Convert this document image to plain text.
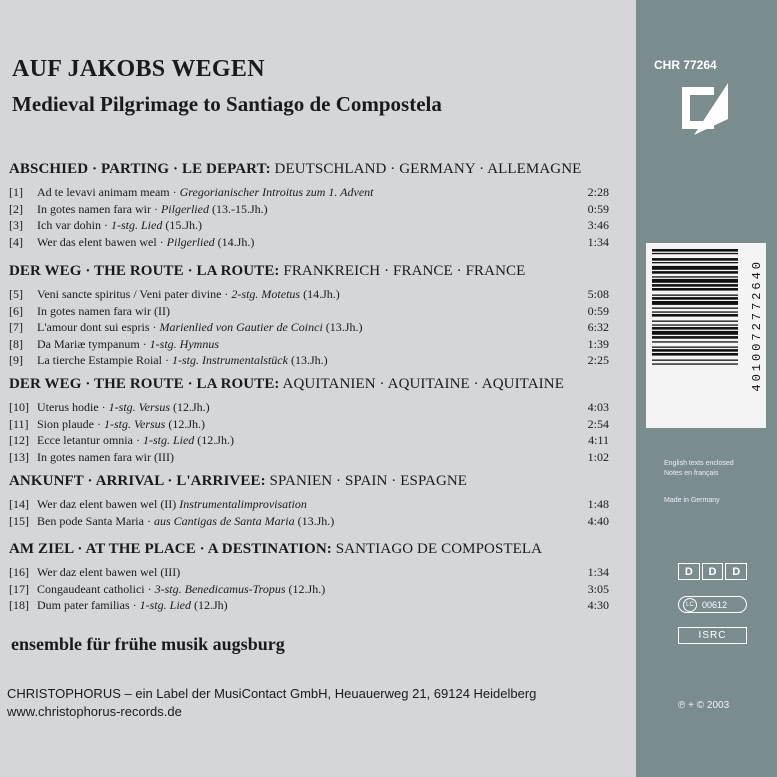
AUF JAKOBS WEGEN
Medieval Pilgrimage to Santiago de Compostela
ABSCHIED · PARTING · LE DEPART: DEUTSCHLAND · GERMANY · ALLEMAGNE
[1] Ad te levavi animam meam · Gregorianischer Introitus zum 1. Advent	2:28
[2] In gotes namen fara wir · Pilgerlied (13.-15.Jh.)	0:59
[3] Ich var dohin · 1-stg. Lied (15.Jh.)	3:46
[4] Wer das elent bawen wel · Pilgerlied (14.Jh.)	1:34
DER WEG · THE ROUTE · LA ROUTE: FRANKREICH · FRANCE · FRANCE
[5] Veni sancte spiritus / Veni pater divine · 2-stg. Motetus (14.Jh.)	5:08
[6] In gotes namen fara wir (II)	0:59
[7] L'amour dont sui espris · Marienlied von Gautier de Coinci (13.Jh.)	6:32
[8] Da Mariæ tympanum · 1-stg. Hymnus	1:39
[9] La tierche Estampie Roial · 1-stg. Instrumentalstück (13.Jh.)	2:25
DER WEG · THE ROUTE · LA ROUTE: AQUITANIEN · AQUITAINE · AQUITAINE
[10] Uterus hodie · 1-stg. Versus (12.Jh.)	4:03
[11] Sion plaude · 1-stg. Versus (12.Jh.)	2:54
[12] Ecce letantur omnia · 1-stg. Lied (12.Jh.)	4:11
[13] In gotes namen fara wir (III)	1:02
ANKUNFT · ARRIVAL · L'ARRIVEE: SPANIEN · SPAIN · ESPAGNE
[14] Wer daz elent bawen wel (II) Instrumentalimprovisation	1:48
[15] Ben pode Santa Maria · aus Cantigas de Santa Maria (13.Jh.)	4:40
AM ZIEL · AT THE PLACE · A DESTINATION: SANTIAGO DE COMPOSTELA
[16] Wer daz elent bawen wel (III)	1:34
[17] Congaudeant catholici · 3-stg. Benedicamus-Tropus (12.Jh.)	3:05
[18] Dum pater familias · 1-stg. Lied (12.Jh)	4:30

ensemble für frühe musik augsburg

CHRISTOPHORUS – ein Label der MusiContact GmbH, Heuauerweg 21, 69124 Heidelberg
www.christophorus-records.de
CHR 77264
4010072772640
English texts enclosed
Notes en français
Made in Germany
D	D	D
LC 00612
ISRC
℗ + © 2003
